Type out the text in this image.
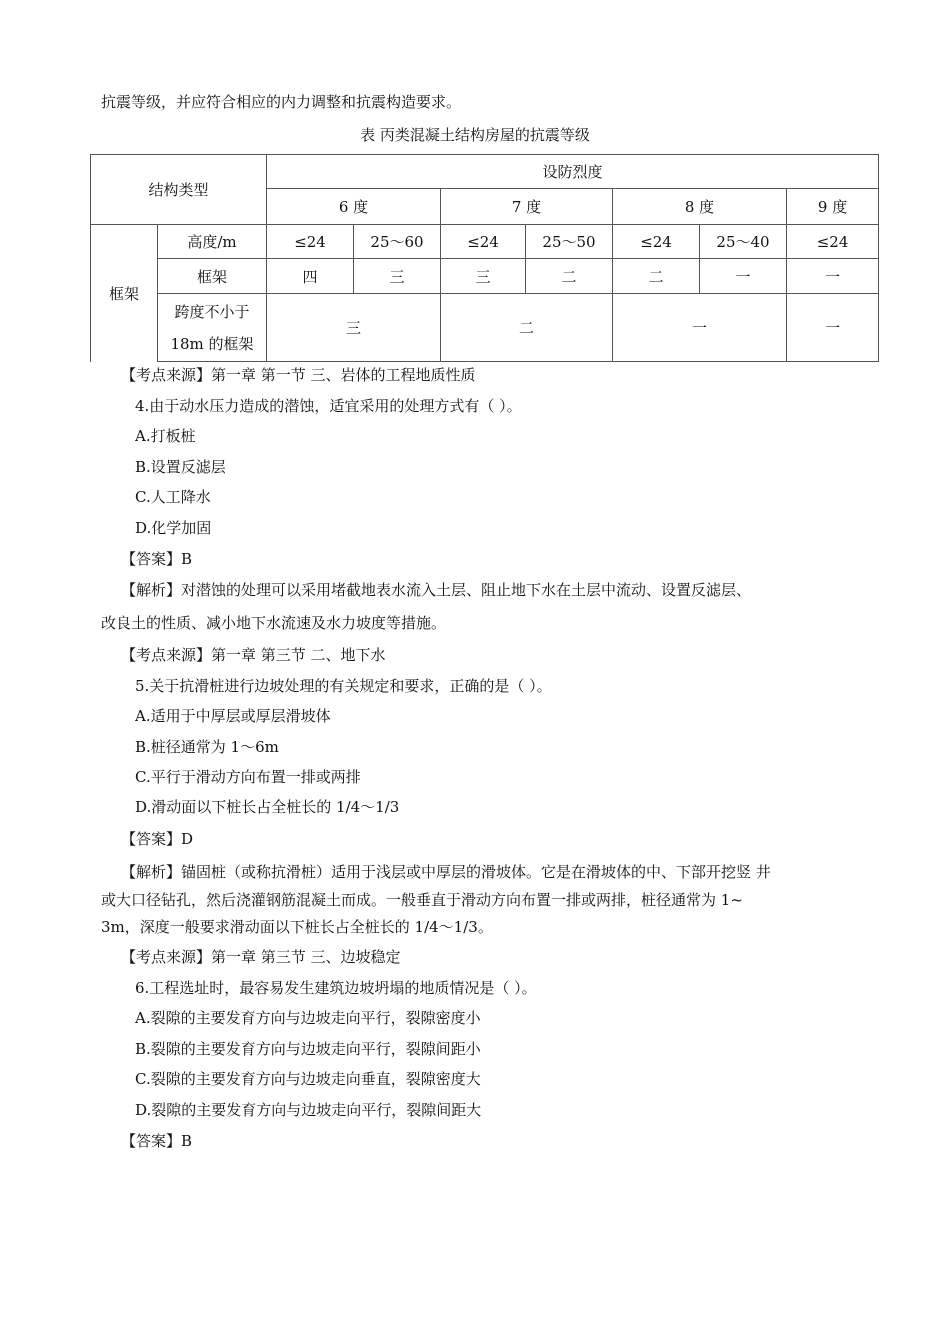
抗震等级，并应符合相应的内力调整和抗震构造要求。
表 丙类混凝土结构房屋的抗震等级
结构类型		设防烈度						
		6 度		7 度		8 度		9 度
框架	高度/m	≤24	25～60	≤24	25～50	≤24	25～40	≤24
	框架	四	三	三	二	二	一	一

	跨度不小于
18m 的框架	三		二		一		一
【考点来源】第一章 第一节 三、岩体的工程地质性质
4.由于动水压力造成的潜蚀，适宜采用的处理方式有（ ）。
A.打板桩
B.设置反滤层
C.人工降水
D.化学加固
【答案】B
【解析】对潜蚀的处理可以采用堵截地表水流入土层、阻止地下水在土层中流动、设置反滤层、
改良土的性质、减小地下水流速及水力坡度等措施。
【考点来源】第一章 第三节 二、地下水
5.关于抗滑桩进行边坡处理的有关规定和要求，正确的是（ ）。
A.适用于中厚层或厚层滑坡体
B.桩径通常为 1～6m
C.平行于滑动方向布置一排或两排
D.滑动面以下桩长占全桩长的 1/4～1/3
【答案】D
【解析】锚固桩（或称抗滑桩）适用于浅层或中厚层的滑坡体。它是在滑坡体的中、下部开挖竖 井
或大口径钻孔，然后浇灌钢筋混凝土而成。一般垂直于滑动方向布置一排或两排，桩径通常为 1~
3m，深度一般要求滑动面以下桩长占全桩长的 1/4～1/3。
【考点来源】第一章 第三节 三、边坡稳定
6.工程选址时，最容易发生建筑边坡坍塌的地质情况是（ ）。
A.裂隙的主要发育方向与边坡走向平行，裂隙密度小
B.裂隙的主要发育方向与边坡走向平行，裂隙间距小
C.裂隙的主要发育方向与边坡走向垂直，裂隙密度大
D.裂隙的主要发育方向与边坡走向平行，裂隙间距大
【答案】B
